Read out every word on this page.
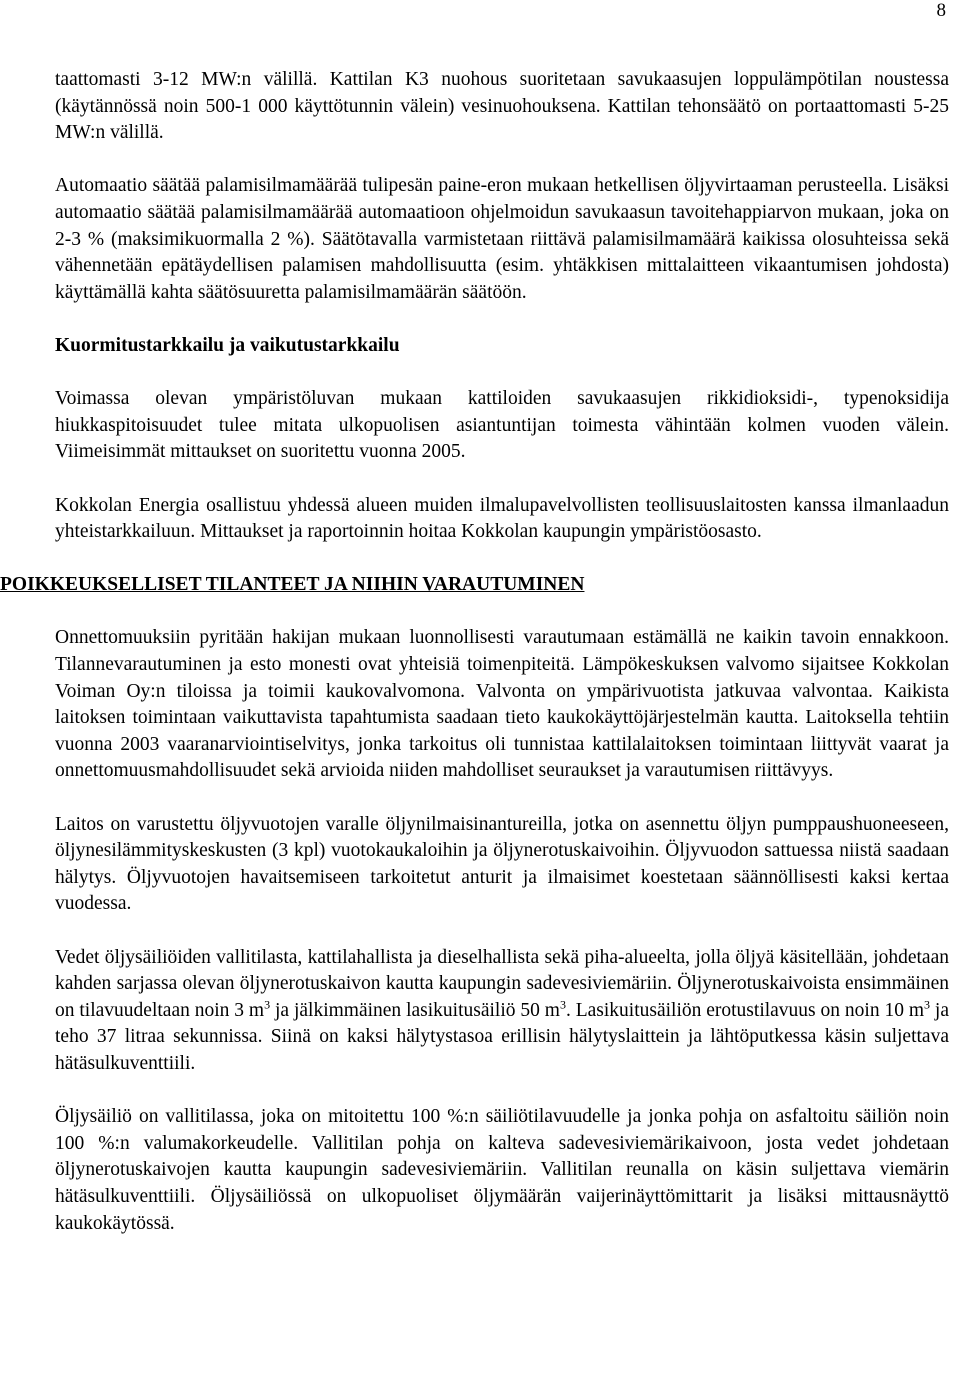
8

taattomasti 3-12 MW:n välillä. Kattilan K3 nuohous suoritetaan savukaasujen loppulämpötilan noustessa (käytännössä noin 500-1 000 käyttötunnin välein) vesinuohouksena. Kattilan tehonsäätö on portaattomasti 5-25 MW:n välillä.

Automaatio säätää palamisilmamäärää tulipesän paine-eron mukaan hetkellisen öljyvirtaaman perusteella. Lisäksi automaatio säätää palamisilmamäärää automaatioon ohjelmoidun savukaasun tavoitehappiarvon mukaan, joka on 2-3 % (maksimikuormalla 2 %). Säätötavalla varmistetaan riittävä palamisilmamäärä kaikissa olosuhteissa sekä vähennetään epätäydellisen palamisen mahdollisuutta (esim. yhtäkkisen mittalaitteen vikaantumisen johdosta) käyttämällä kahta säätösuuretta palamisilmamäärän säätöön.

Kuormitustarkkailu ja vaikutustarkkailu

Voimassa olevan ympäristöluvan mukaan kattiloiden savukaasujen rikkidioksidi-, typenoksidija hiukkaspitoisuudet tulee mitata ulkopuolisen asiantuntijan toimesta vähintään kolmen vuoden välein. Viimeisimmät mittaukset on suoritettu vuonna 2005.

Kokkolan Energia osallistuu yhdessä alueen muiden ilmalupavelvollisten teollisuuslaitosten kanssa ilmanlaadun yhteistarkkailuun. Mittaukset ja raportoinnin hoitaa Kokkolan kaupungin ympäristöosasto.

POIKKEUKSELLISET TILANTEET JA NIIHIN VARAUTUMINEN

Onnettomuuksiin pyritään hakijan mukaan luonnollisesti varautumaan estämällä ne kaikin tavoin ennakkoon. Tilannevarautuminen ja esto monesti ovat yhteisiä toimenpiteitä. Lämpökeskuksen valvomo sijaitsee Kokkolan Voiman Oy:n tiloissa ja toimii kaukovalvomona. Valvonta on ympärivuotista jatkuvaa valvontaa. Kaikista laitoksen toimintaan vaikuttavista tapahtumista saadaan tieto kaukokäyttöjärjestelmän kautta. Laitoksella tehtiin vuonna 2003 vaaranarviointiselvitys, jonka tarkoitus oli tunnistaa kattilalaitoksen toimintaan liittyvät vaarat ja onnettomuusmahdollisuudet sekä arvioida niiden mahdolliset seuraukset ja varautumisen riittävyys.

Laitos on varustettu öljyvuotojen varalle öljynilmaisinantureilla, jotka on asennettu öljyn pumppaushuoneeseen, öljynesilämmityskeskusten (3 kpl) vuotokaukaloihin ja öljynerotuskaivoihin. Öljyvuodon sattuessa niistä saadaan hälytys. Öljyvuotojen havaitsemiseen tarkoitetut anturit ja ilmaisimet koestetaan säännöllisesti kaksi kertaa vuodessa.

Vedet öljysäiliöiden vallitilasta, kattilahallista ja dieselhallista sekä piha-alueelta, jolla öljyä käsitellään, johdetaan kahden sarjassa olevan öljynerotuskaivon kautta kaupungin sadevesiviemäriin. Öljynerotuskaivoista ensimmäinen on tilavuudeltaan noin 3 $m^3$ ja jälkimmäinen lasikuitusäiliö 50 $m^3$. Lasikuitusäiliön erotustilavuus on noin 10 $m^3$ ja teho 37 litraa sekunnissa. Siinä on kaksi hälytystasoa erillisin hälytyslaittein ja lähtöputkessa käsin suljettava hätäsulkuventtiili.

Öljysäiliö on vallitilassa, joka on mitoitettu 100 %:n säiliötilavuudelle ja jonka pohja on asfaltoitu säiliön noin 100 %:n valumakorkeudelle. Vallitilan pohja on kalteva sadevesiviemärikaivoon, josta vedet johdetaan öljynerotuskaivojen kautta kaupungin sadevesiviemäriin. Vallitilan reunalla on käsin suljettava viemärin hätäsulkuventtiili. Öljysäiliössä on ulkopuoliset öljymäärän vaijerinäyttömittarit ja lisäksi mittausnäyttö kaukokäytössä.
